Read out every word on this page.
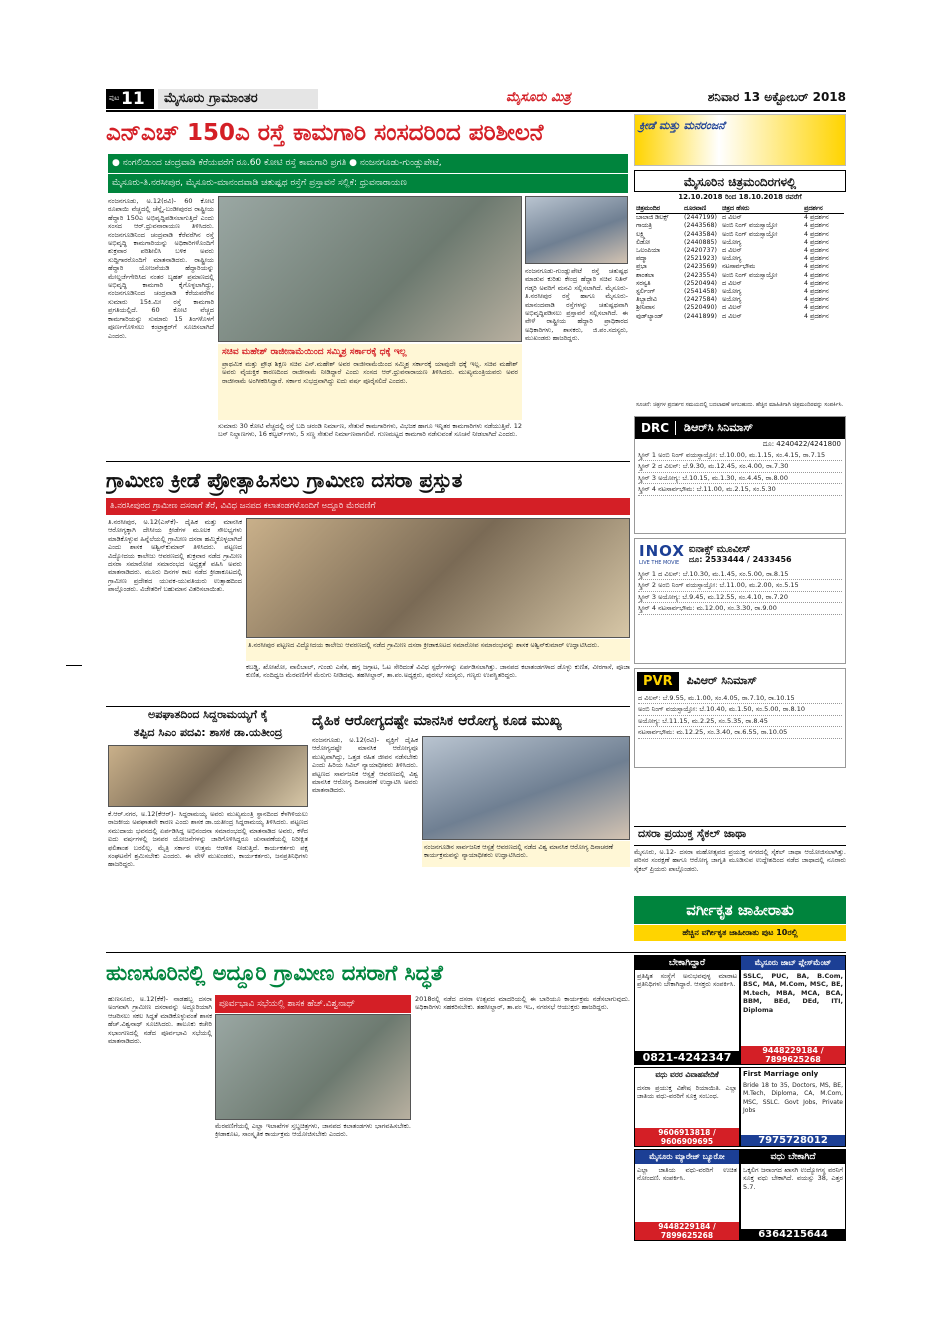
ಪುಟ 11	ಮೈಸೂರು ಗ್ರಾಮಾಂತರ	ಮೈಸೂರು ಮಿತ್ರ	ಶನಿವಾರ 13 ಅಕ್ಟೋಬರ್ 2018
ಎನ್‌ಎಚ್ 150ಎ ರಸ್ತೆ ಕಾಮಗಾರಿ ಸಂಸದರಿಂದ ಪರಿಶೀಲನೆ
● ನಂಗಲಿಯಿಂದ ಚಂದ್ರವಾಡಿ ಕೆರೆಯವರೆಗೆ ರೂ.60 ಕೋಟಿ ರಸ್ತೆ ಕಾಮಗಾರಿ ಪ್ರಗತಿ ● ನಂಜನಗೂಡು-ಗುಂಡ್ಲುಪೇಟೆ,
ಮೈಸೂರು-ತಿ.ನರಸೀಪುರ, ಮೈಸೂರು-ಮಾನಂದವಾಡಿ ಚತುಷ್ಪಥ ರಸ್ತೆಗೆ ಪ್ರಸ್ತಾವನೆ ಸಲ್ಲಿಕೆ: ಧ್ರುವನಾರಾಯಣ
ನಂಜನಗೂಡು, ಅ.12(ರವಿ)- 60 ಕೋಟಿ ರೂಪಾಯಿ ವೆಚ್ಚದಲ್ಲಿ ಚೆನ್ನೈ-ಬಂಡೀಪುರದ ರಾಷ್ಟ್ರೀಯ ಹೆದ್ದಾರಿ 150ಎ ಅಭಿವೃದ್ಧಿಪಡಿಸಲಾಗುತ್ತಿದೆ ಎಂದು ಸಂಸದ ಆರ್.ಧ್ರುವನಾರಾಯಣ ತಿಳಿಸಿದರು. ನಂಜನಗೂಡಿನಿಂದ ಚಂದ್ರವಾಡಿ ಕೆರೆವರೆಗಿನ ರಸ್ತೆ ಅಭಿವೃದ್ಧಿ ಕಾಮಗಾರಿಯನ್ನು ಅಧಿಕಾರಿಗಳೊಂದಿಗೆ ಶುಕ್ರವಾರ ಪರಿಶೀಲಿಸಿ ಬಳಿಕ ಅವರು ಸುದ್ದಿಗಾರರೊಂದಿಗೆ ಮಾತನಾಡಿದರು. ರಾಷ್ಟ್ರೀಯ ಹೆದ್ದಾರಿ ಯೋಜನೆಯಡಿ ಹೆದ್ದಾರಿಯನ್ನು ಮೇಲ್ದರ್ಜೆಗೇರಿಸಿದ ನಂತರ ಬೃಹತ್ ಪ್ರಮಾಣದಲ್ಲಿ ಅಭಿವೃದ್ಧಿ ಕಾಮಗಾರಿ ಕೈಗೊಳ್ಳಲಾಗಿದ್ದು, ನಂಜನಗೂಡಿನಿಂದ ಚಂದ್ರವಾಡಿ ಕೆರೆಯವರೆಗಿನ ಸುಮಾರು 15ಕಿ.ಮೀ ರಸ್ತೆ ಕಾಮಗಾರಿ ಪ್ರಗತಿಯಲ್ಲಿದೆ. 60 ಕೋಟಿ ವೆಚ್ಚದ ಕಾಮಗಾರಿಯನ್ನು ಸುಮಾರು 15 ತಿಂಗಳೊಳಗೆ ಪೂರ್ಣಗೊಳಿಸಲು ಕಂಟ್ರಾಕ್ಟರ್‌ಗೆ ಸೂಚಿಸಲಾಗಿದೆ ಎಂದರು.
ಸಚಿವ ಮಹೇಶ್ ರಾಜೀನಾಮೆಯಿಂದ ಸಮ್ಮಿಶ್ರ ಸರ್ಕಾರಕ್ಕೆ ಧಕ್ಕೆ ಇಲ್ಲ
ಪ್ರಾಥಮಿಕ ಮತ್ತು ಪ್ರೌಢ ಶಿಕ್ಷಣ ಸಚಿವ ಎನ್.ಮಹೇಶ್ ಅವರ ರಾಜೀನಾಮೆಯಿಂದ ಸಮ್ಮಿಶ್ರ ಸರ್ಕಾರಕ್ಕೆ ಯಾವುದೇ ಧಕ್ಕೆ ಇಲ್ಲ. ಸಚಿವ ಮಹೇಶ್ ಅವರು ವೈಯಕ್ತಿಕ ಕಾರಣದಿಂದ ರಾಜೀನಾಮೆ ನೀಡಿದ್ದಾರೆ ಎಂದು ಸಂಸದ ಆರ್.ಧ್ರುವನಾರಾಯಣ ತಿಳಿಸಿದರು. ಮುಖ್ಯಮಂತ್ರಿಯವರು ಅವರ ರಾಜೀನಾಮೆ ಅಂಗೀಕರಿಸಿದ್ದಾರೆ. ಸರ್ಕಾರ ಸುಭದ್ರವಾಗಿದ್ದು ಐದು ವರ್ಷ ಪೂರೈಸಲಿದೆ ಎಂದರು.
ಸುಮಾರು 30 ಕೋಟಿ ವೆಚ್ಚದಲ್ಲಿ ರಸ್ತೆ ಬದಿ ಚರಂಡಿ ನಿರ್ಮಾಣ, ಸೇತುವೆ ಕಾಮಗಾರಿಗಳು, ವಿಭಜಕ ಹಾಗೂ ಇನ್ನಿತರ ಕಾಮಗಾರಿಗಳು ನಡೆಯುತ್ತಿವೆ. 12 ಬಸ್ ನಿಲ್ದಾಣಗಳು, 16 ಕಲ್ವರ್ಟ್‌ಗಳು, 5 ಸಣ್ಣ ಸೇತುವೆ ನಿರ್ಮಾಣವಾಗಲಿವೆ. ಗುಣಮಟ್ಟದ ಕಾಮಗಾರಿ ನಡೆಸುವಂತೆ ಸೂಚನೆ ನೀಡಲಾಗಿದೆ ಎಂದರು.
ನಂಜನಗೂಡು-ಗುಂಡ್ಲುಪೇಟೆ ರಸ್ತೆ ಚತುಷ್ಪಥ ಮಾಡುವ ಕುರಿತು ಕೇಂದ್ರ ಹೆದ್ದಾರಿ ಸಚಿವ ನಿತಿನ್ ಗಡ್ಕರಿ ಅವರಿಗೆ ಮನವಿ ಸಲ್ಲಿಸಲಾಗಿದೆ. ಮೈಸೂರು-ತಿ.ನರಸೀಪುರ ರಸ್ತೆ ಹಾಗೂ ಮೈಸೂರು-ಮಾನಂದವಾಡಿ ರಸ್ತೆಗಳನ್ನು ಚತುಷ್ಪಥವಾಗಿ ಅಭಿವೃದ್ಧಿಪಡಿಸಲು ಪ್ರಸ್ತಾವನೆ ಸಲ್ಲಿಸಲಾಗಿದೆ. ಈ ವೇಳೆ ರಾಷ್ಟ್ರೀಯ ಹೆದ್ದಾರಿ ಪ್ರಾಧಿಕಾರದ ಅಧಿಕಾರಿಗಳು, ಶಾಸಕರು, ಜಿ.ಪಂ.ಸದಸ್ಯರು, ಮುಖಂಡರು ಹಾಜರಿದ್ದರು.
ಗ್ರಾಮೀಣ ಕ್ರೀಡೆ ಪ್ರೋತ್ಸಾಹಿಸಲು ಗ್ರಾಮೀಣ ದಸರಾ ಪ್ರಸ್ತುತ
ತಿ.ನರಸೀಪುರದ ಗ್ರಾಮೀಣ ದಸರಾಗೆ ತೆರೆ, ವಿವಿಧ ಜನಪದ ಕಲಾತಂಡಗಳೊಂದಿಗೆ ಅದ್ದೂರಿ ಮೆರವಣಿಗೆ
ತಿ.ನರಸೀಪುರ, ಅ.12(ಎಸ್‌ಕೆ)- ದೈಹಿಕ ಮತ್ತು ಮಾನಸಿಕ ಆರೋಗ್ಯಕ್ಕಾಗಿ ದೇಸೀಯ ಕ್ರೀಡೆಗಳ ಮೂಲಕ ಸೌಲಭ್ಯಗಳು ಮಾಡಿಕೊಳ್ಳುವ ಹಿನ್ನೆಲೆಯಲ್ಲಿ ಗ್ರಾಮೀಣ ದಸರಾ ಹಮ್ಮಿಕೊಳ್ಳಲಾಗಿದೆ ಎಂದು ಶಾಸಕ ಅಶ್ವಿನ್‌ಕುಮಾರ್ ತಿಳಿಸಿದರು. ಪಟ್ಟಣದ ವಿದ್ಯೋದಯ ಕಾಲೇಜು ಆವರಣದಲ್ಲಿ ಶುಕ್ರವಾರ ನಡೆದ ಗ್ರಾಮೀಣ ದಸರಾ ಸಮಾರೋಪ ಸಮಾರಂಭದ ಅಧ್ಯಕ್ಷತೆ ವಹಿಸಿ ಅವರು ಮಾತನಾಡಿದರು. ಮೂರು ದಿನಗಳ ಕಾಲ ನಡೆದ ಕ್ರೀಡಾಕೂಟದಲ್ಲಿ ಗ್ರಾಮೀಣ ಪ್ರದೇಶದ ಯುವಕ-ಯುವತಿಯರು ಉತ್ಸಾಹದಿಂದ ಪಾಲ್ಗೊಂಡರು. ವಿಜೇತರಿಗೆ ಬಹುಮಾನ ವಿತರಿಸಲಾಯಿತು.
ತಿ.ನರಸೀಪುರ ಪಟ್ಟಣದ ವಿದ್ಯೋದಯ ಕಾಲೇಜು ಆವರಣದಲ್ಲಿ ನಡೆದ ಗ್ರಾಮೀಣ ದಸರಾ ಕ್ರೀಡಾಕೂಟದ ಸಮಾರೋಪ ಸಮಾರಂಭವನ್ನು ಶಾಸಕ ಅಶ್ವಿನ್‌ಕುಮಾರ್ ಉದ್ಘಾಟಿಸಿದರು.
ಕಬಡ್ಡಿ, ಖೋಖೋ, ವಾಲಿಬಾಲ್, ಗುಂಡು ಎಸೆತ, ಹಗ್ಗ ಜಗ್ಗಾಟ, ಓಟ ಸೇರಿದಂತೆ ವಿವಿಧ ಸ್ಪರ್ಧೆಗಳನ್ನು ಏರ್ಪಡಿಸಲಾಗಿತ್ತು. ಜಾನಪದ ಕಲಾತಂಡಗಳಾದ ಡೊಳ್ಳು ಕುಣಿತ, ವೀರಗಾಸೆ, ಪೂಜಾ ಕುಣಿತ, ನಂದಿಧ್ವಜ ಮೆರವಣಿಗೆಗೆ ಮೆರುಗು ನೀಡಿದವು. ತಹಸೀಲ್ದಾರ್, ತಾ.ಪಂ.ಅಧ್ಯಕ್ಷರು, ಪುರಸಭೆ ಸದಸ್ಯರು, ಗಣ್ಯರು ಉಪಸ್ಥಿತರಿದ್ದರು.
ಅಪಘಾತದಿಂದ ಸಿದ್ದರಾಮಯ್ಯಗೆ ಕೈ
ತಪ್ಪಿದ ಸಿಎಂ ಪದವಿ: ಶಾಸಕ ಡಾ.ಯತೀಂದ್ರ
ಕೆ.ಆರ್.ನಗರ, ಅ.12(ಕೆಆರ್)- ಸಿದ್ದರಾಮಯ್ಯ ಅವರು ಮುಖ್ಯಮಂತ್ರಿ ಸ್ಥಾನದಿಂದ ಕೆಳಗಿಳಿಯಲು ರಾಜಕೀಯ ಅಪಘಾತವೇ ಕಾರಣ ಎಂದು ಶಾಸಕ ಡಾ.ಯತೀಂದ್ರ ಸಿದ್ದರಾಮಯ್ಯ ತಿಳಿಸಿದರು. ಪಟ್ಟಣದ ಸಮುದಾಯ ಭವನದಲ್ಲಿ ಏರ್ಪಡಿಸಿದ್ದ ಅಭಿನಂದನಾ ಸಮಾರಂಭದಲ್ಲಿ ಮಾತನಾಡಿದ ಅವರು, ಕಳೆದ ಐದು ವರ್ಷಗಳಲ್ಲಿ ಜನಪರ ಯೋಜನೆಗಳನ್ನು ಜಾರಿಗೊಳಿಸಿದ್ದರೂ ಚುನಾವಣೆಯಲ್ಲಿ ನಿರೀಕ್ಷಿತ ಫಲಿತಾಂಶ ಬರಲಿಲ್ಲ. ಮೈತ್ರಿ ಸರ್ಕಾರ ಉತ್ತಮ ಆಡಳಿತ ನೀಡುತ್ತಿದೆ. ಕಾರ್ಯಕರ್ತರು ಪಕ್ಷ ಸಂಘಟನೆಗೆ ಶ್ರಮಿಸಬೇಕು ಎಂದರು. ಈ ವೇಳೆ ಮುಖಂಡರು, ಕಾರ್ಯಕರ್ತರು, ಜನಪ್ರತಿನಿಧಿಗಳು ಹಾಜರಿದ್ದರು.
ದೈಹಿಕ ಆರೋಗ್ಯದಷ್ಟೇ ಮಾನಸಿಕ ಆರೋಗ್ಯ ಕೂಡ ಮುಖ್ಯ
ನಂಜನಗೂಡು, ಅ.12(ರವಿ)- ವ್ಯಕ್ತಿಗೆ ದೈಹಿಕ ಆರೋಗ್ಯದಷ್ಟೇ ಮಾನಸಿಕ ಆರೋಗ್ಯವೂ ಮುಖ್ಯವಾಗಿದ್ದು, ಒತ್ತಡ ರಹಿತ ಜೀವನ ನಡೆಸಬೇಕು ಎಂದು ಹಿರಿಯ ಸಿವಿಲ್ ನ್ಯಾಯಾಧೀಶರು ತಿಳಿಸಿದರು. ಪಟ್ಟಣದ ಸಾರ್ವಜನಿಕ ಆಸ್ಪತ್ರೆ ಆವರಣದಲ್ಲಿ ವಿಶ್ವ ಮಾನಸಿಕ ಆರೋಗ್ಯ ದಿನಾಚರಣೆ ಉದ್ಘಾಟಿಸಿ ಅವರು ಮಾತನಾಡಿದರು.
ನಂಜನಗೂಡಿನ ಸಾರ್ವಜನಿಕ ಆಸ್ಪತ್ರೆ ಆವರಣದಲ್ಲಿ ನಡೆದ ವಿಶ್ವ ಮಾನಸಿಕ ಆರೋಗ್ಯ ದಿನಾಚರಣೆ ಕಾರ್ಯಕ್ರಮವನ್ನು ನ್ಯಾಯಾಧೀಶರು ಉದ್ಘಾಟಿಸಿದರು.
ಹುಣಸೂರಿನಲ್ಲಿ ಅದ್ದೂರಿ ಗ್ರಾಮೀಣ ದಸರಾಗೆ ಸಿದ್ಧತೆ
ಹುಣಸೂರು, ಅ.12(ಕೆಕೆ)- ನಾಡಹಬ್ಬ ದಸರಾ ಅಂಗವಾಗಿ ಗ್ರಾಮೀಣ ದಸರಾವನ್ನು ಅದ್ದೂರಿಯಾಗಿ ಆಚರಿಸಲು ಸಕಲ ಸಿದ್ಧತೆ ಮಾಡಿಕೊಳ್ಳುವಂತೆ ಶಾಸಕ ಹೆಚ್.ವಿಶ್ವನಾಥ್ ಸೂಚಿಸಿದರು. ತಾಲೂಕು ಕಚೇರಿ ಸಭಾಂಗಣದಲ್ಲಿ ನಡೆದ ಪೂರ್ವಭಾವಿ ಸಭೆಯಲ್ಲಿ ಮಾತನಾಡಿದರು.
ಪೂರ್ವಭಾವಿ ಸಭೆಯಲ್ಲಿ ಶಾಸಕ ಹೆಚ್.ವಿಶ್ವನಾಥ್
ಮೆರವಣಿಗೆಯಲ್ಲಿ ಎಲ್ಲಾ ಇಲಾಖೆಗಳ ಸ್ತಬ್ಧಚಿತ್ರಗಳು, ಜಾನಪದ ಕಲಾತಂಡಗಳು ಭಾಗವಹಿಸಬೇಕು. ಕ್ರೀಡಾಕೂಟ, ಸಾಂಸ್ಕೃತಿಕ ಕಾರ್ಯಕ್ರಮ ಆಯೋಜಿಸಬೇಕು ಎಂದರು.
2018ರಲ್ಲಿ ನಡೆದ ದಸರಾ ಉತ್ಸವದ ಮಾದರಿಯಲ್ಲಿ ಈ ಬಾರಿಯೂ ಕಾರ್ಯಕ್ರಮ ನಡೆಸಲಾಗುವುದು. ಅಧಿಕಾರಿಗಳು ಸಹಕರಿಸಬೇಕು. ತಹಸೀಲ್ದಾರ್, ತಾ.ಪಂ ಇಒ, ನಗರಸಭೆ ಆಯುಕ್ತರು ಹಾಜರಿದ್ದರು.
ಕ್ರೀಡೆ ಮತ್ತು ಮನರಂಜನೆ
ಮೈಸೂರಿನ ಚಿತ್ರಮಂದಿರಗಳಲ್ಲಿ
12.10.2018 ರಿಂದ 18.10.2018 ರವರೆಗೆ
ಚಿತ್ರಮಂದಿರ	ದೂರವಾಣಿ	ಚಿತ್ರದ ಹೆಸರು	ಪ್ರದರ್ಶನ
ಬಾಲಾಜಿ ಡಿಲಕ್ಸ್	(2447199) ದ ವಿಲನ್	4 ಪ್ರದರ್ಶನ
ಗಾಯತ್ರಿ	(2443568) ಅಂಬಿ ನಿಂಗ್ ವಯಸ್ಸಾಯ್ತೋ	4 ಪ್ರದರ್ಶನ
ಲಕ್ಷ್ಮಿ	(2443584) ಅಂಬಿ ನಿಂಗ್ ವಯಸ್ಸಾಯ್ತೋ	4 ಪ್ರದರ್ಶನ
ಲಿಡೋ	(2440885) ಅಯೋಗ್ಯ	4 ಪ್ರದರ್ಶನ
ಒಲಂಪಿಯಾ	(2420737) ದ ವಿಲನ್	4 ಪ್ರದರ್ಶನ
ಪದ್ಮಾ	(2521923) ಅಯೋಗ್ಯ	4 ಪ್ರದರ್ಶನ
ಪ್ರಭಾ	(2423569) ನಟಸಾರ್ವಭೌಮ	4 ಪ್ರದರ್ಶನ
ಶಾಂತಲಾ	(2423554) ಅಂಬಿ ನಿಂಗ್ ವಯಸ್ಸಾಯ್ತೋ	4 ಪ್ರದರ್ಶನ
ಸರಸ್ವತಿ	(2520494) ದ ವಿಲನ್	4 ಪ್ರದರ್ಶನ
ಸ್ಟರ್ಲಿಂಗ್	(2541458) ಅಯೋಗ್ಯ	4 ಪ್ರದರ್ಶನ
ತಿಬ್ಬಾದೇವಿ	(2427584) ಅಯೋಗ್ಯ	4 ಪ್ರದರ್ಶನ
ಶ್ರೀನಿವಾಸ	(2520490) ದ ವಿಲನ್	4 ಪ್ರದರ್ಶನ
ವುಡ್‌ಲ್ಯಾಂಡ್	(2441899) ದ ವಿಲನ್	4 ಪ್ರದರ್ಶನ
ಸೂಚನೆ: ಚಿತ್ರಗಳ ಪ್ರದರ್ಶನ ಸಮಯದಲ್ಲಿ ಬದಲಾವಣೆ ಆಗಬಹುದು. ಹೆಚ್ಚಿನ ಮಾಹಿತಿಗಾಗಿ ಚಿತ್ರಮಂದಿರವನ್ನು ಸಂಪರ್ಕಿಸಿ.
DRC	ಡಿಆರ್‌ಸಿ ಸಿನಿಮಾಸ್
ದೂ: 4240422/4241800
ಸ್ಕ್ರೀನ್ 1 ಅಂಬಿ ನಿಂಗ್ ವಯಸ್ಸಾಯ್ತೋ: ಬೆ.10.00, ಮ.1.15, ಸಂ.4.15, ರಾ.7.15
ಸ್ಕ್ರೀನ್ 2 ದ ವಿಲನ್: ಬೆ.9.30, ಮ.12.45, ಸಂ.4.00, ರಾ.7.30
ಸ್ಕ್ರೀನ್ 3 ಅಯೋಗ್ಯ: ಬೆ.10.15, ಮ.1.30, ಸಂ.4.45, ರಾ.8.00
ಸ್ಕ್ರೀನ್ 4 ನಟಸಾರ್ವಭೌಮ: ಬೆ.11.00, ಮ.2.15, ಸಂ.5.30
INOX
LIVE THE MOVIE
ಐನಾಕ್ಸ್ ಮೂವೀಸ್
ದೂ: 2533444 / 2433456
ಸ್ಕ್ರೀನ್ 1 ದ ವಿಲನ್: ಬೆ.10.30, ಮ.1.45, ಸಂ.5.00, ರಾ.8.15
ಸ್ಕ್ರೀನ್ 2 ಅಂಬಿ ನಿಂಗ್ ವಯಸ್ಸಾಯ್ತೋ: ಬೆ.11.00, ಮ.2.00, ಸಂ.5.15
ಸ್ಕ್ರೀನ್ 3 ಅಯೋಗ್ಯ: ಬೆ.9.45, ಮ.12.55, ಸಂ.4.10, ರಾ.7.20
ಸ್ಕ್ರೀನ್ 4 ನಟಸಾರ್ವಭೌಮ: ಮ.12.00, ಸಂ.3.30, ರಾ.9.00
PVR	ಪಿವಿಆರ್ ಸಿನಿಮಾಸ್
ದ ವಿಲನ್: ಬೆ.9.55, ಮ.1.00, ಸಂ.4.05, ರಾ.7.10, ರಾ.10.15
ಅಂಬಿ ನಿಂಗ್ ವಯಸ್ಸಾಯ್ತೋ: ಬೆ.10.40, ಮ.1.50, ಸಂ.5.00, ರಾ.8.10
ಅಯೋಗ್ಯ: ಬೆ.11.15, ಮ.2.25, ಸಂ.5.35, ರಾ.8.45
ನಟಸಾರ್ವಭೌಮ: ಮ.12.25, ಸಂ.3.40, ರಾ.6.55, ರಾ.10.05
ದಸರಾ ಪ್ರಯುಕ್ತ ಸೈಕಲ್ ಜಾಥಾ
ಮೈಸೂರು, ಅ.12- ದಸರಾ ಮಹೋತ್ಸವದ ಪ್ರಯುಕ್ತ ನಗರದಲ್ಲಿ ಸೈಕಲ್ ಜಾಥಾ ಆಯೋಜಿಸಲಾಗಿತ್ತು. ಪರಿಸರ ಸಂರಕ್ಷಣೆ ಹಾಗೂ ಆರೋಗ್ಯ ಜಾಗೃತಿ ಮೂಡಿಸುವ ಉದ್ದೇಶದಿಂದ ನಡೆದ ಜಾಥಾದಲ್ಲಿ ನೂರಾರು ಸೈಕಲ್ ಪ್ರಿಯರು ಪಾಲ್ಗೊಂಡರು.
ವರ್ಗೀಕೃತ ಜಾಹೀರಾತು
ಹೆಚ್ಚಿನ ವರ್ಗೀಕೃತ ಜಾಹೀರಾತು ಪುಟ 10ರಲ್ಲಿ
ಬೇಕಾಗಿದ್ದಾರೆ
ಪ್ರತಿಷ್ಠಿತ ಸಂಸ್ಥೆಗೆ ಅನುಭವವುಳ್ಳ ಮಾರಾಟ ಪ್ರತಿನಿಧಿಗಳು ಬೇಕಾಗಿದ್ದಾರೆ. ಆಸಕ್ತರು ಸಂಪರ್ಕಿಸಿ.
0821-4242347
ಮೈಸೂರು ಜಾಬ್ ಪ್ಲೇಸ್‌ಮೆಂಟ್
SSLC, PUC, BA, B.Com, BSC, MA, M.Com, MSC, BE, M.tech, MBA, MCA, BCA, BBM, BEd, DEd, ITI, Diploma
9448229184 / 7899625268
ವಧು ವರರ ವಿವಾಹವೇದಿಕೆ
ದಸರಾ ಪ್ರಯುಕ್ತ ವಿಶೇಷ ರಿಯಾಯಿತಿ. ಎಲ್ಲಾ ಜಾತಿಯ ವಧು-ವರರಿಗೆ ಸೂಕ್ತ ಸಂಬಂಧ.
9606913818 / 9606909695
First Marriage only
Bride 18 to 35, Doctors, MS, BE, M.Tech, Diploma, CA, M.Com, MSC, SSLC. Govt Jobs, Private Jobs
7975728012
ಮೈಸೂರು ಮ್ಯಾರೇಜ್ ಬ್ಯೂರೋ
ಎಲ್ಲಾ ಜಾತಿಯ ವಧು-ವರರಿಗೆ ಉಚಿತ ನೋಂದಣಿ. ಸಂಪರ್ಕಿಸಿ.
9448229184 / 7899625268
ವಧು ಬೇಕಾಗಿದೆ
ಒಕ್ಕಲಿಗ ಜನಾಂಗದ ಖಾಸಗಿ ಉದ್ಯೋಗಸ್ಥ ವರನಿಗೆ ಸೂಕ್ತ ವಧು ಬೇಕಾಗಿದೆ. ವಯಸ್ಸು 38, ಎತ್ತರ 5.7.
6364215644
